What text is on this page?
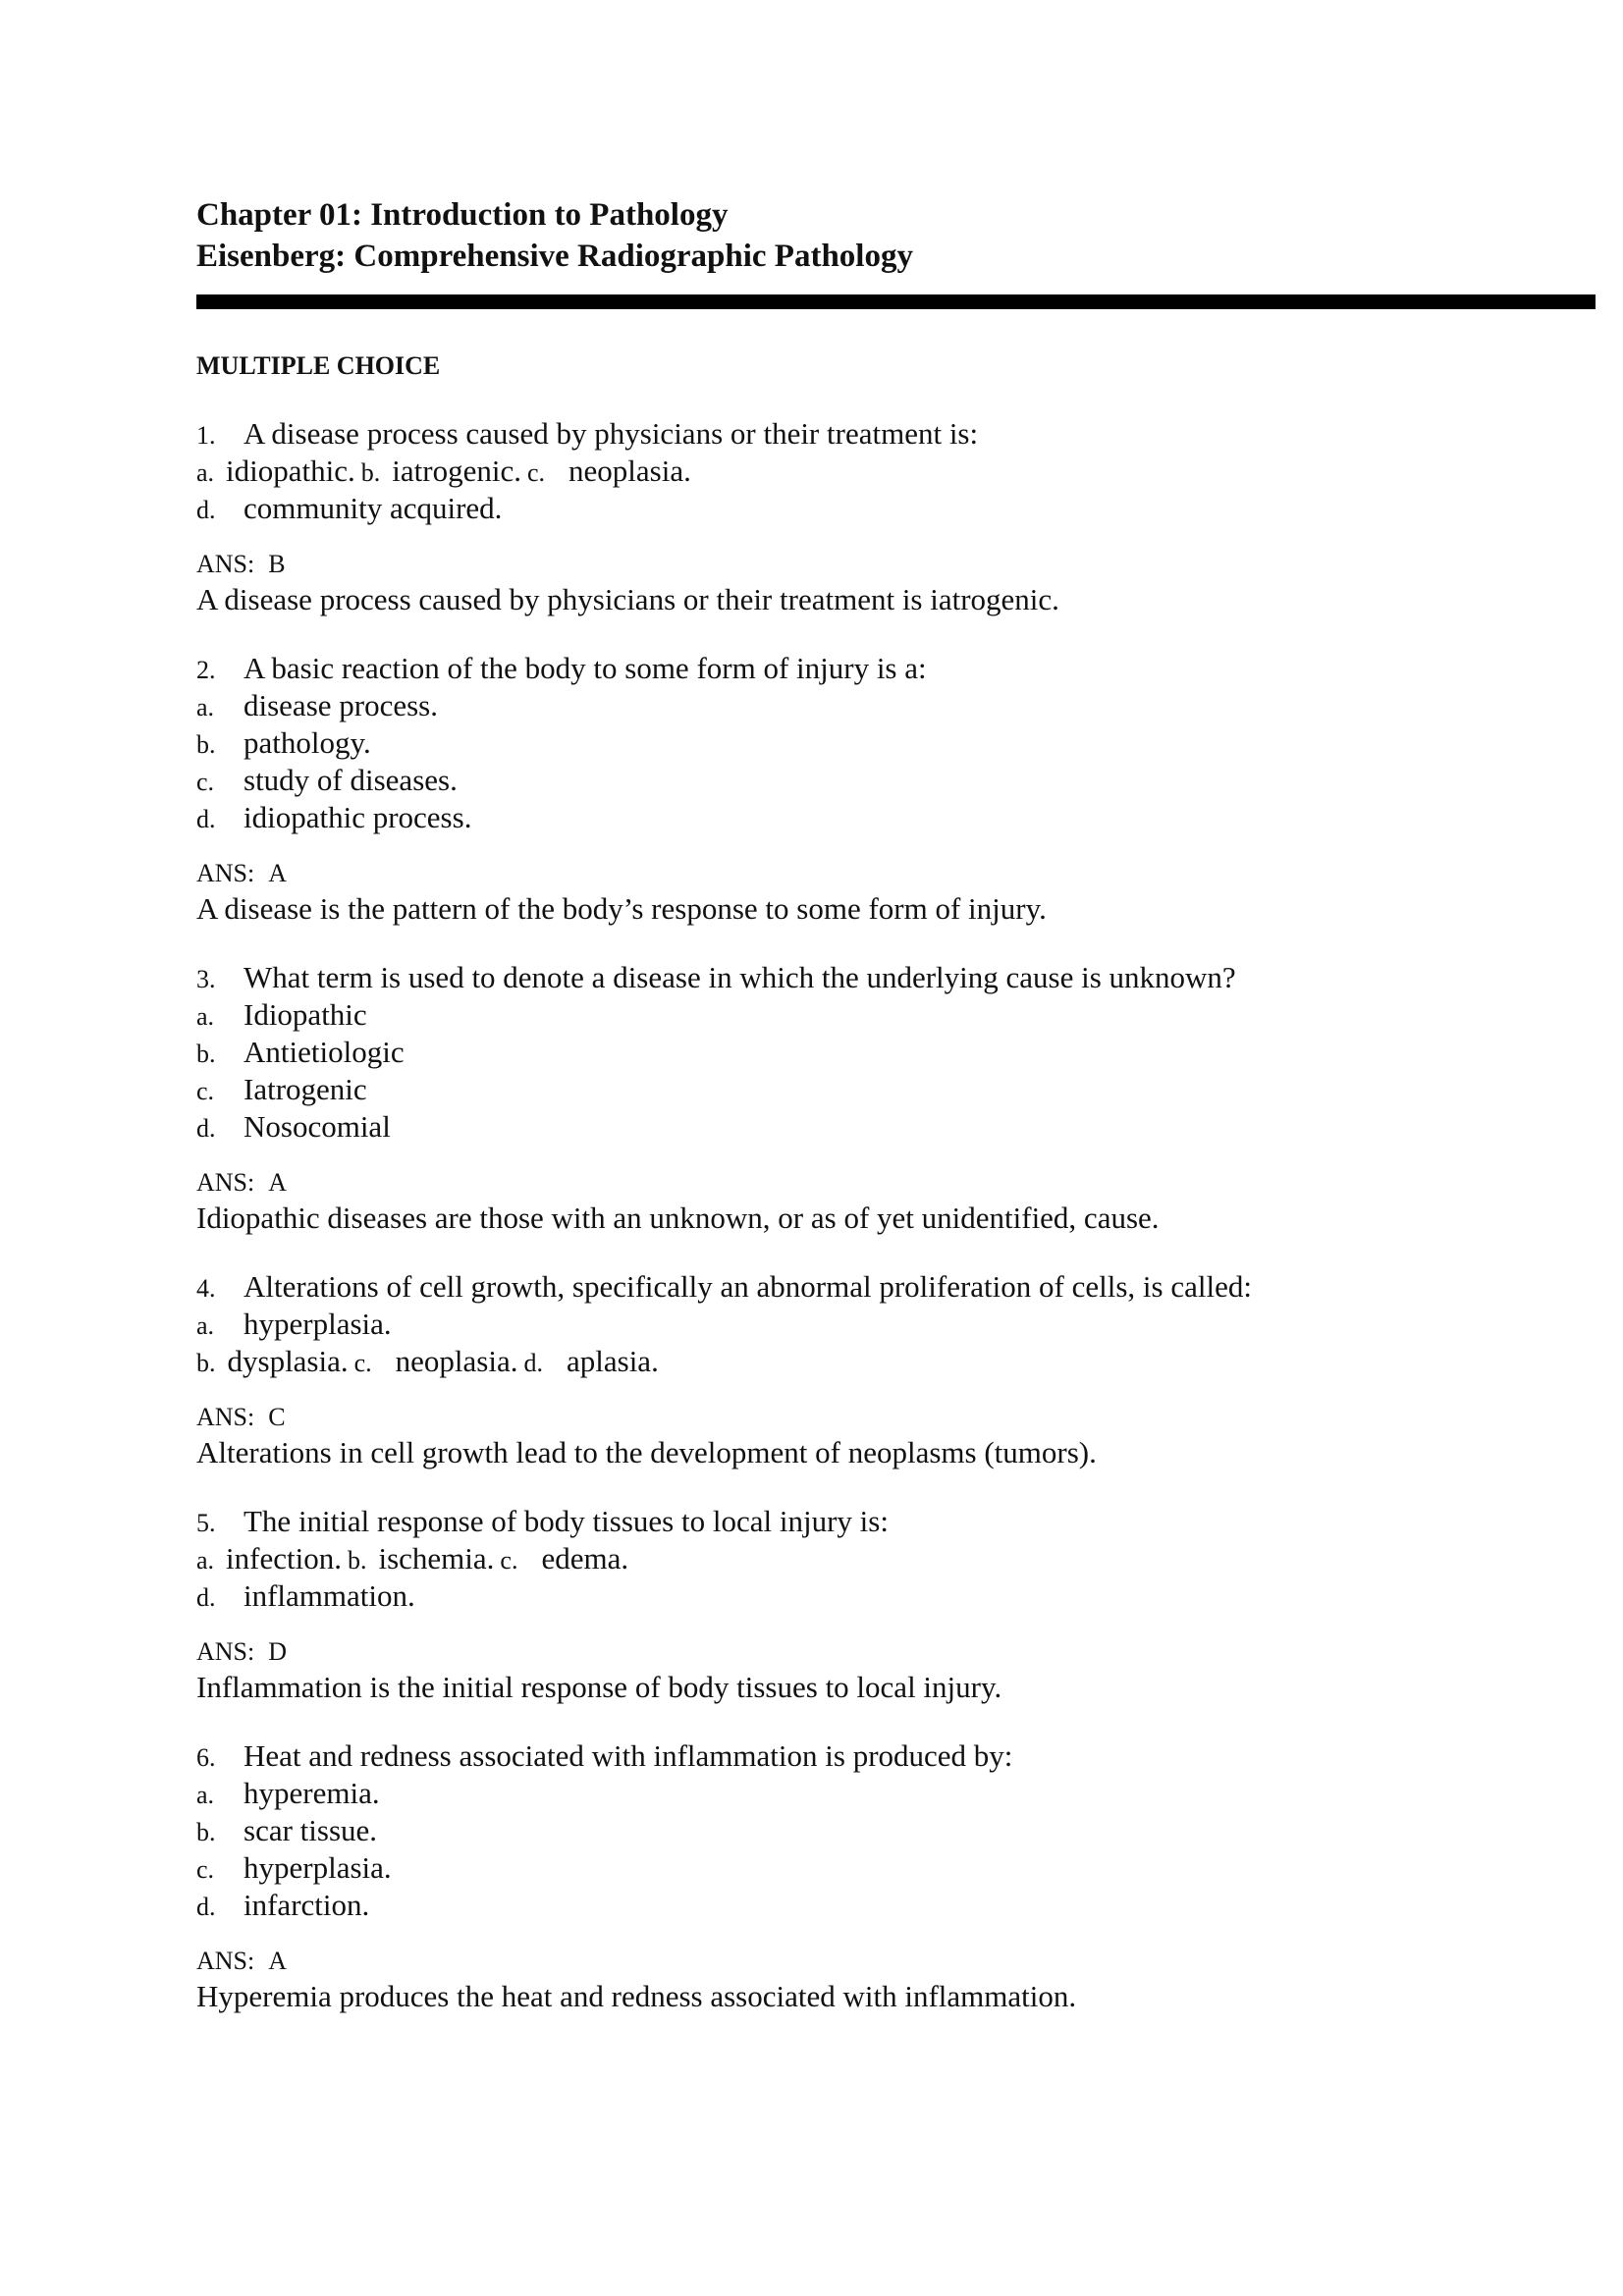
Chapter 01: Introduction to Pathology
Eisenberg: Comprehensive Radiographic Pathology
MULTIPLE CHOICE
1. A disease process caused by physicians or their treatment is:
a. idiopathic. b. iatrogenic. c. neoplasia.
d. community acquired.
ANS: B
A disease process caused by physicians or their treatment is iatrogenic.
2. A basic reaction of the body to some form of injury is a:
a. disease process.
b. pathology.
c. study of diseases.
d. idiopathic process.
ANS: A
A disease is the pattern of the body’s response to some form of injury.
3. What term is used to denote a disease in which the underlying cause is unknown?
a. Idiopathic
b. Antietiologic
c. Iatrogenic
d. Nosocomial
ANS: A
Idiopathic diseases are those with an unknown, or as of yet unidentified, cause.
4. Alterations of cell growth, specifically an abnormal proliferation of cells, is called:
a. hyperplasia.
b. dysplasia. c. neoplasia. d. aplasia.
ANS: C
Alterations in cell growth lead to the development of neoplasms (tumors).
5. The initial response of body tissues to local injury is:
a. infection. b. ischemia. c. edema.
d. inflammation.
ANS: D
Inflammation is the initial response of body tissues to local injury.
6. Heat and redness associated with inflammation is produced by:
a. hyperemia.
b. scar tissue.
c. hyperplasia.
d. infarction.
ANS: A
Hyperemia produces the heat and redness associated with inflammation.
